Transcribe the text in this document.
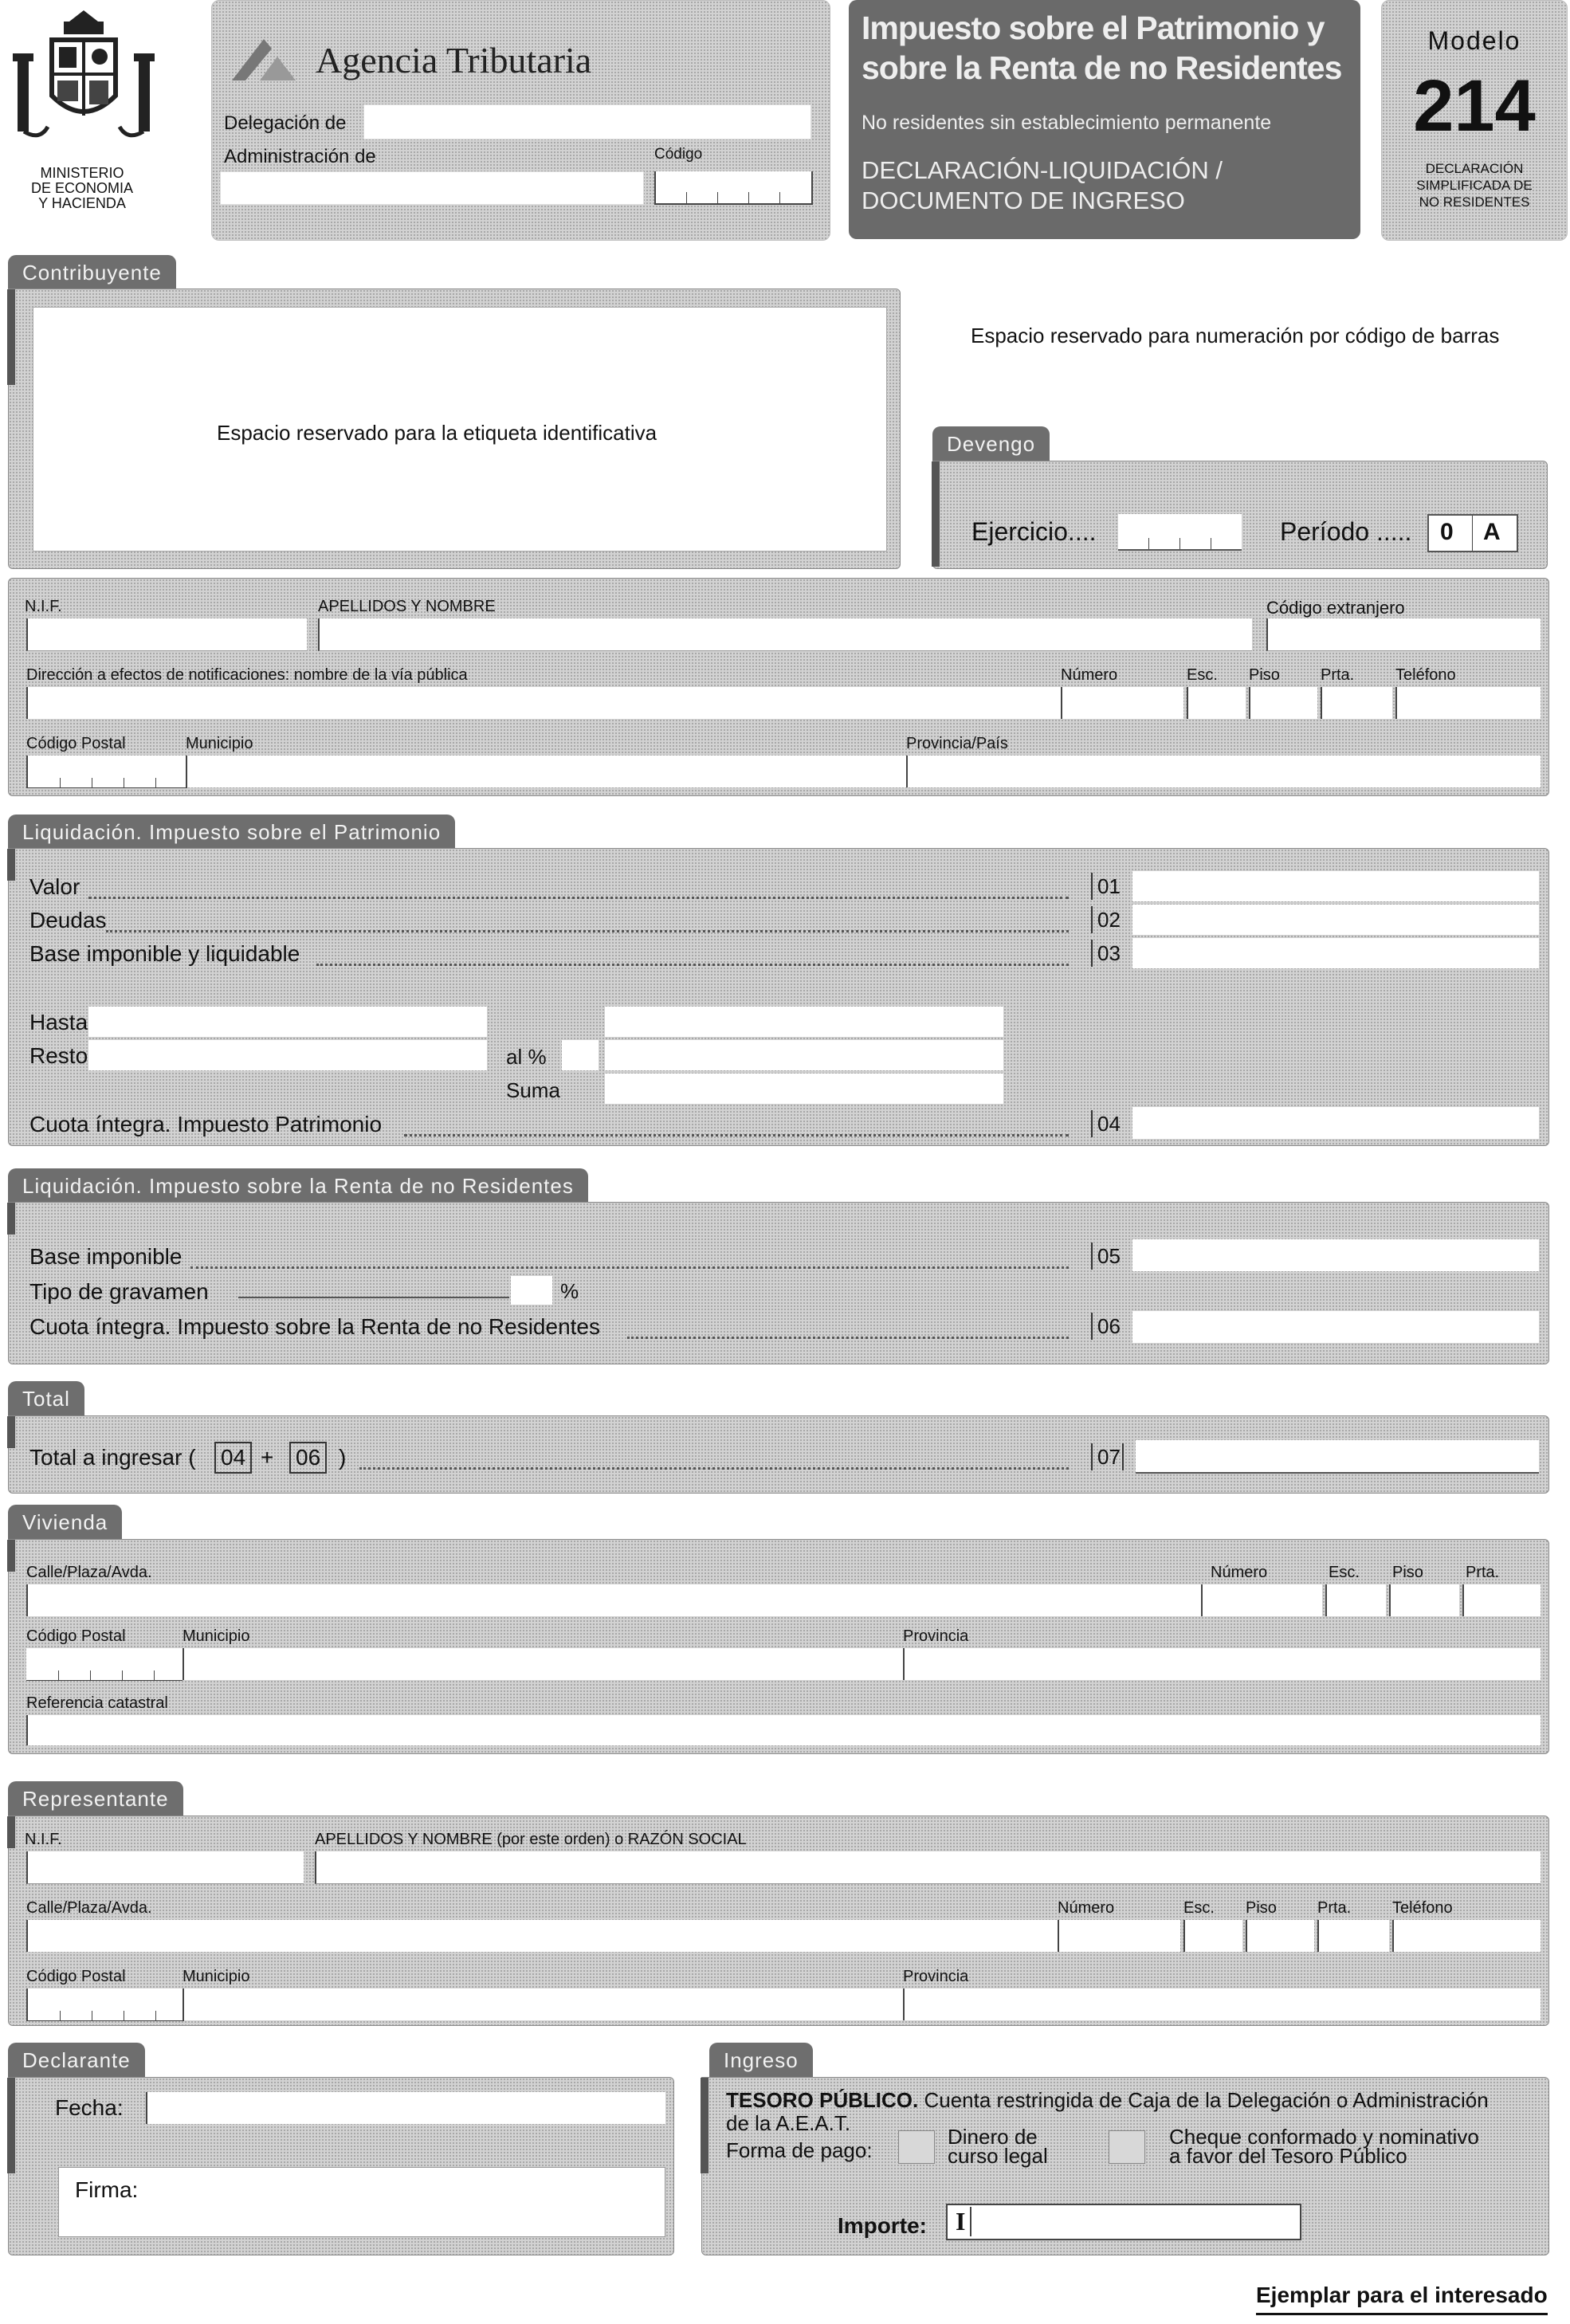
MINISTERIO
DE ECONOMIA
Y HACIENDA
Agencia Tributaria
Delegación de
Administración de	Código
Impuesto sobre el Patrimonio y
sobre la Renta de no Residentes
No residentes sin establecimiento permanente
DECLARACIÓN-LIQUIDACIÓN /
DOCUMENTO DE INGRESO
Modelo
214
DECLARACIÓN
SIMPLIFICADA DE
NO RESIDENTES
Contribuyente
Espacio reservado para la etiqueta identificativa
Espacio reservado para numeración por código de barras
Devengo
Ejercicio....	Período ..... 0 A
N.I.F.	APELLIDOS Y NOMBRE	Código extranjero
Dirección a efectos de notificaciones: nombre de la vía pública	Número	Esc. Piso	Prta.	Teléfono
Código Postal	Municipio	Provincia/País
Liquidación. Impuesto sobre el Patrimonio
Valor	01
Deudas	02
Base imponible y liquidable	03
Hasta
Resto	al %
Suma
Cuota íntegra. Impuesto Patrimonio	04
Liquidación. Impuesto sobre la Renta de no Residentes
Base imponible	05
Tipo de gravamen	%
Cuota íntegra. Impuesto sobre la Renta de no Residentes	06
Total
Total a ingresar ( 04 + 06 )	07
Vivienda
Calle/Plaza/Avda.	Número	Esc. Piso	Prta.
Código Postal	Municipio	Provincia
Referencia catastral
Representante
N.I.F.	APELLIDOS Y NOMBRE (por este orden) o RAZÓN SOCIAL
Calle/Plaza/Avda.	Número	Esc. Piso	Prta.	Teléfono
Código Postal	Municipio	Provincia
Declarante
Fecha:
Firma:
Ingreso
TESORO PÚBLICO. Cuenta restringida de Caja de la Delegación o Administración
de la A.E.A.T.
Forma de pago:
Dinero de
curso legal
Cheque conformado y nominativo
a favor del Tesoro Público
Importe: I
Ejemplar para el interesado
